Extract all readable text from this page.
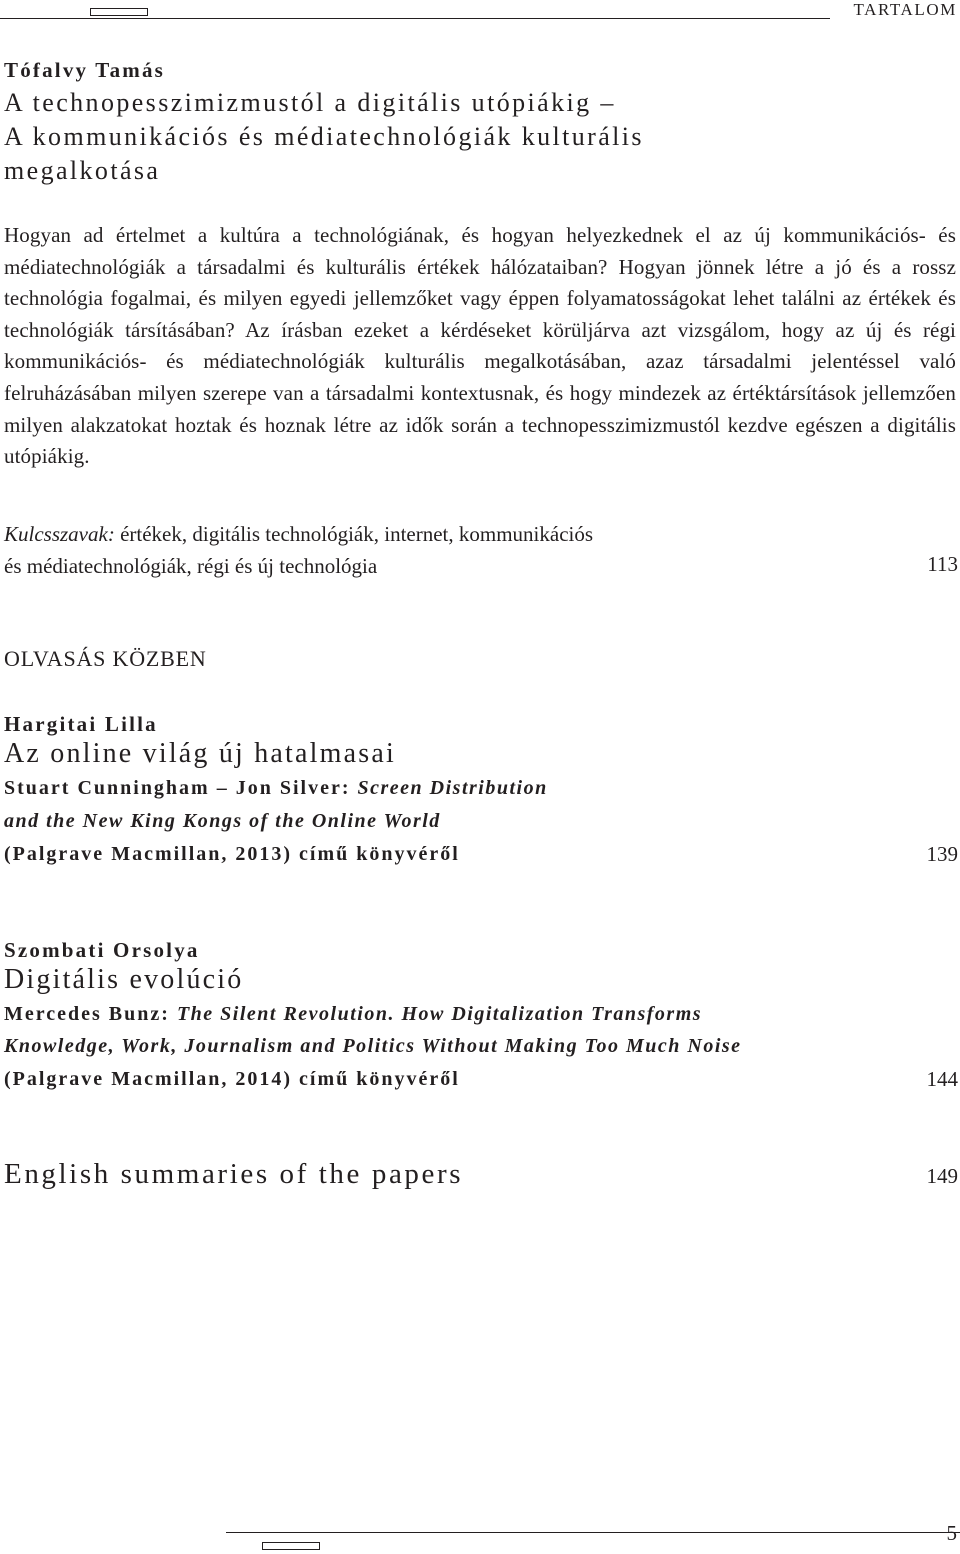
TARTALOM
Tófalvy Tamás
A technopesszimizmustól a digitális utópiákig –
A kommunikációs és médiatechnológiák kulturális
megalkotása
Hogyan ad értelmet a kultúra a technológiának, és hogyan helyezkednek el az új kommunikációs- és médiatechnológiák a társadalmi és kulturális értékek hálózataiban? Hogyan jönnek létre a jó és a rossz technológia fogalmai, és milyen egyedi jellemzőket vagy éppen folyamatosságokat lehet találni az értékek és technológiák társításában? Az írásban ezeket a kérdéseket körüljárva azt vizsgálom, hogy az új és régi kommunikációs- és médiatechnológiák kulturális megalkotásában, azaz társadalmi jelentéssel való felruházásában milyen szerepe van a társadalmi kontextusnak, és hogy mindezek az értéktársítások jellemzően milyen alakzatokat hoztak és hoznak létre az idők során a technopesszimizmustól kezdve egészen a digitális utópiákig.
Kulcsszavak: értékek, digitális technológiák, internet, kommunikációs
és médiatechnológiák, régi és új technológia	113
OLVASÁS KÖZBEN
Hargitai Lilla
Az online világ új hatalmasai
Stuart Cunningham – Jon Silver: Screen Distribution
and the New King Kongs of the Online World
(Palgrave Macmillan, 2013) című könyvéről	139
Szombati Orsolya
Digitális evolúció
Mercedes Bunz: The Silent Revolution. How Digitalization Transforms
Knowledge, Work, Journalism and Politics Without Making Too Much Noise
(Palgrave Macmillan, 2014) című könyvéről	144
English summaries of the papers	149
5
